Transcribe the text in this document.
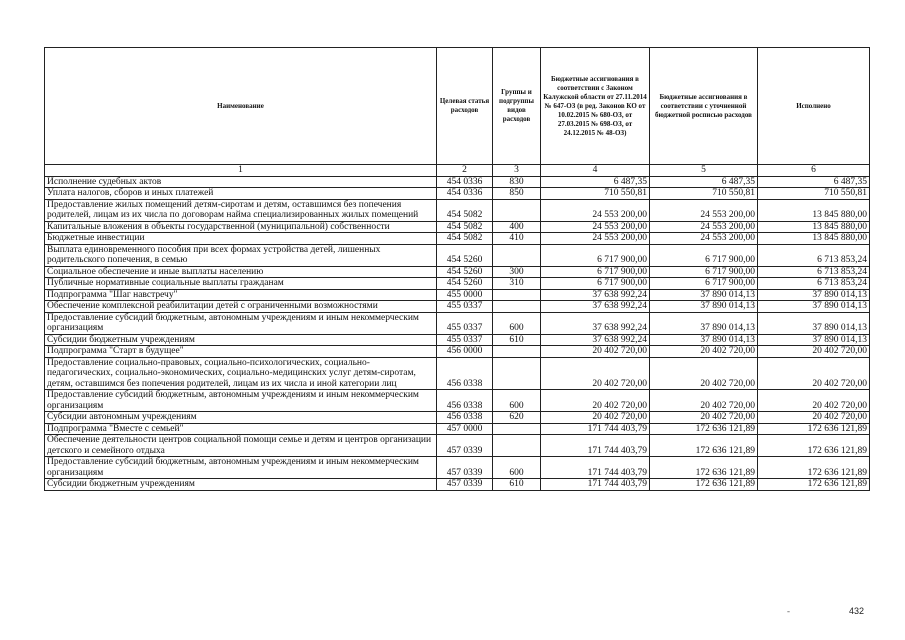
Наименование	Целевая статья расходов	Группы и подгруппы видов расходов	Бюджетные ассигнования в соответствии с Законом Калужской области от 27.11.2014 № 647-ОЗ (в ред. Законов КО от 10.02.2015 № 680-ОЗ, от 27.03.2015 № 698-ОЗ, от 24.12.2015 № 48-ОЗ)	Бюджетные ассигнования в соответствии с уточненной бюджетной росписью расходов	Исполнено
1	2	3	4	5	6
Исполнение судебных актов	454 0336	830	6 487,35	6 487,35	6 487,35
Уплата налогов, сборов и иных платежей	454 0336	850	710 550,81	710 550,81	710 550,81
Предоставление жилых помещений детям-сиротам и детям, оставшимся без попечения родителей, лицам из их числа по договорам найма специализированных жилых помещений	454 5082		24 553 200,00	24 553 200,00	13 845 880,00
Капитальные вложения в объекты государственной (муниципальной) собственности	454 5082	400	24 553 200,00	24 553 200,00	13 845 880,00
Бюджетные инвестиции	454 5082	410	24 553 200,00	24 553 200,00	13 845 880,00
Выплата единовременного пособия при всех формах устройства детей, лишенных родительского попечения, в семью	454 5260		6 717 900,00	6 717 900,00	6 713 853,24
Социальное обеспечение и иные выплаты населению	454 5260	300	6 717 900,00	6 717 900,00	6 713 853,24
Публичные нормативные социальные выплаты гражданам	454 5260	310	6 717 900,00	6 717 900,00	6 713 853,24
Подпрограмма "Шаг навстречу"	455 0000		37 638 992,24	37 890 014,13	37 890 014,13
Обеспечение комплексной реабилитации детей с ограниченными возможностями	455 0337		37 638 992,24	37 890 014,13	37 890 014,13
Предоставление субсидий бюджетным, автономным учреждениям и иным некоммерческим организациям	455 0337	600	37 638 992,24	37 890 014,13	37 890 014,13
Субсидии бюджетным учреждениям	455 0337	610	37 638 992,24	37 890 014,13	37 890 014,13
Подпрограмма "Старт в будущее"	456 0000		20 402 720,00	20 402 720,00	20 402 720,00
Предоставление социально-правовых, социально-психологических, социально-педагогических, социально-экономических, социально-медицинских услуг детям-сиротам, детям, оставшимся без попечения родителей, лицам из их числа и иной категории лиц	456 0338		20 402 720,00	20 402 720,00	20 402 720,00
Предоставление субсидий бюджетным, автономным учреждениям и иным некоммерческим организациям	456 0338	600	20 402 720,00	20 402 720,00	20 402 720,00
Субсидии автономным учреждениям	456 0338	620	20 402 720,00	20 402 720,00	20 402 720,00
Подпрограмма "Вместе с семьей"	457 0000		171 744 403,79	172 636 121,89	172 636 121,89
Обеспечение деятельности центров социальной помощи семье и детям и центров организации детского и семейного отдыха	457 0339		171 744 403,79	172 636 121,89	172 636 121,89
Предоставление субсидий бюджетным, автономным учреждениям и иным некоммерческим организациям	457 0339	600	171 744 403,79	172 636 121,89	172 636 121,89
Субсидии бюджетным учреждениям	457 0339	610	171 744 403,79	172 636 121,89	172 636 121,89
-	432
